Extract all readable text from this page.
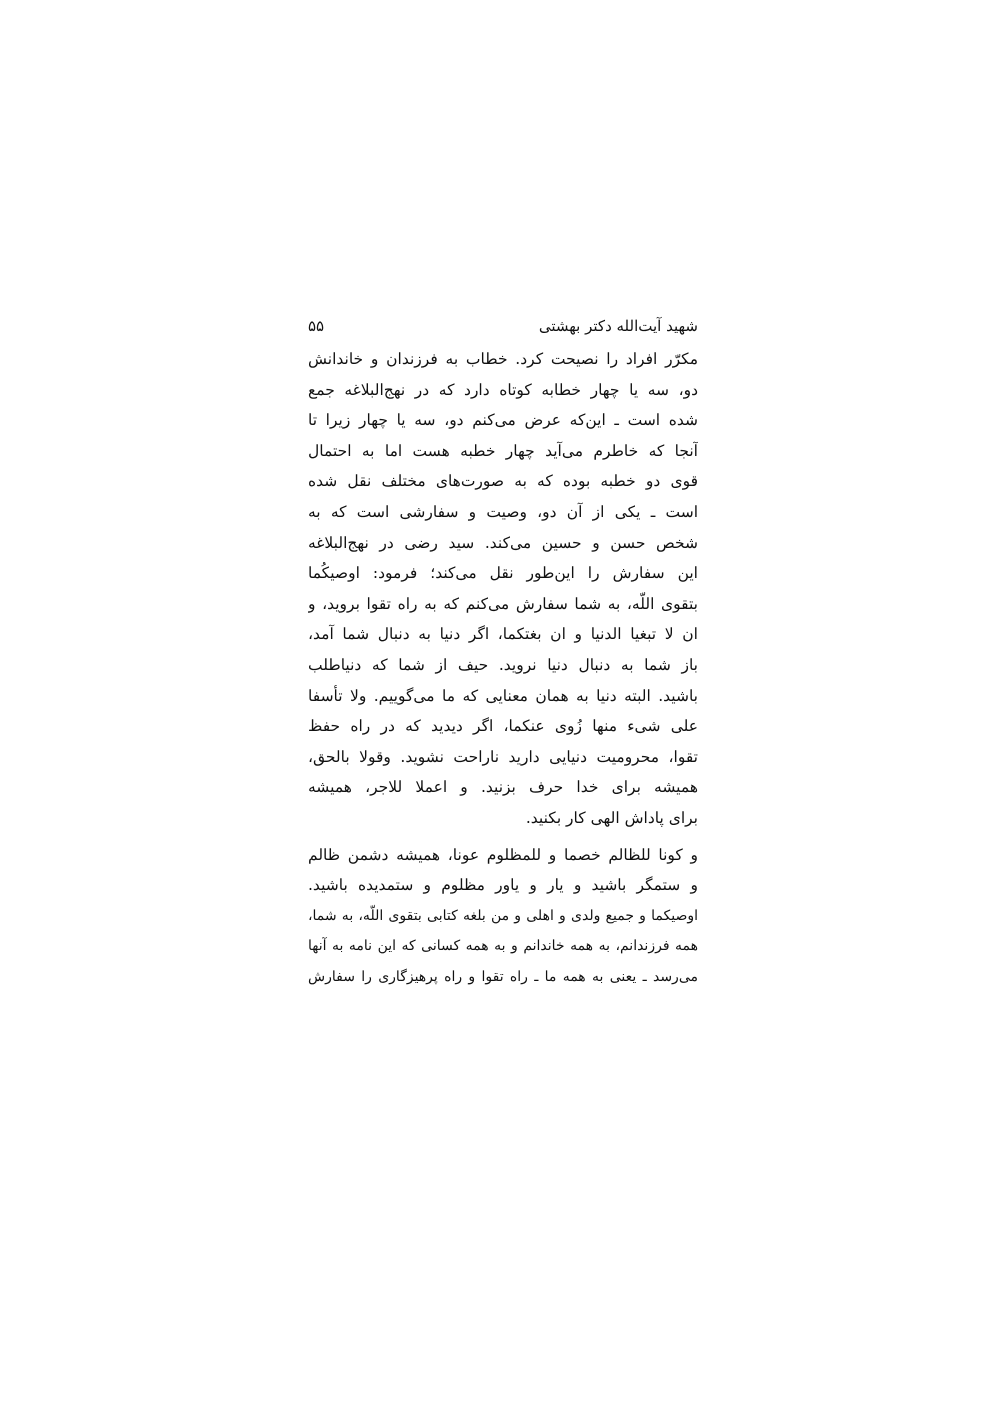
شهید آیت‌الله دکتر بهشتی
۵۵
مکرّر افراد را نصیحت کرد. خطاب به فرزندان و خاندانش
دو، سه یا چهار خطابه کوتاه دارد که در نهج‌البلاغه جمع
شده است ـ این‌که عرض می‌کنم دو، سه یا چهار زیرا تا
آنجا که خاطرم می‌آید چهار خطبه هست اما به احتمال
قوی دو خطبه بوده که به صورت‌های مختلف نقل شده
است ـ یکی از آن دو، وصیت و سفارشی است که به
شخص حسن و حسین می‌کند. سید رضی در نهج‌البلاغه
این سفارش را این‌طور نقل می‌کند؛ فرمود: اوصیکُما
بتقوی اللّه، به شما سفارش می‌کنم که به راه تقوا بروید، و
ان لا تبغیا الدنیا و ان بغتکما، اگر دنیا به دنبال شما آمد،
باز شما به دنبال دنیا نروید. حیف از شما که دنیاطلب
باشید. البته دنیا به همان معنایی که ما می‌گوییم. ولا تأسفا
علی شیء منها زُوی عنکما، اگر دیدید که در راه حفظ
تقوا، محرومیت دنیایی دارید ناراحت نشوید. وقولا بالحق،
همیشه برای خدا حرف بزنید. و اعملا للاجر، همیشه
برای پاداش الهی کار بکنید.
و کونا للظالم خصما و للمظلوم عونا، همیشه دشمن ظالم
و ستمگر باشید و یار و یاور مظلوم و ستمدیده باشید.
اوصیکما و جمیع ولدی و اهلی و من بلغه کتابی بتقوی اللّه، به شما،
همه فرزندانم، به همه خاندانم و به همه کسانی که این نامه به آنها
می‌رسد ـ یعنی به همه ما ـ راه تقوا و راه پرهیزگاری را سفارش
